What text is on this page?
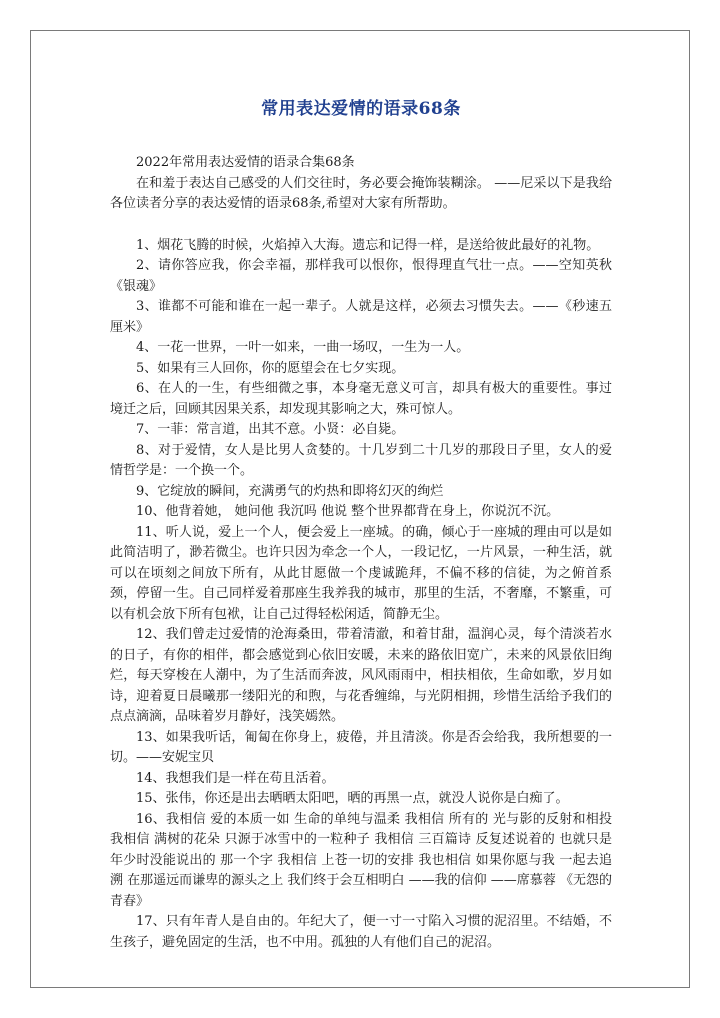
常用表达爱情的语录68条

2022年常用表达爱情的语录合集68条

在和羞于表达自己感受的人们交往时，务必要会掩饰装糊涂。 ——尼采以下是我给各位读者分享的表达爱情的语录68条,希望对大家有所帮助。

1、烟花飞腾的时候，火焰掉入大海。遗忘和记得一样，是送给彼此最好的礼物。

2、请你答应我，你会幸福，那样我可以恨你，恨得理直气壮一点。——空知英秋《银魂》

3、谁都不可能和谁在一起一辈子。人就是这样，必须去习惯失去。——《秒速五厘米》

4、一花一世界，一叶一如来，一曲一场叹，一生为一人。

5、如果有三人回你，你的愿望会在七夕实现。

6、在人的一生，有些细微之事，本身毫无意义可言，却具有极大的重要性。事过境迁之后，回顾其因果关系，却发现其影响之大，殊可惊人。

7、一菲：常言道，出其不意。小贤：必自毙。

8、对于爱情，女人是比男人贪婪的。十几岁到二十几岁的那段日子里，女人的爱情哲学是：一个换一个。

9、它绽放的瞬间，充满勇气的灼热和即将幻灭的绚烂

10、他背着她， 她问他 我沉吗 他说 整个世界都背在身上，你说沉不沉。

11、听人说，爱上一个人，便会爱上一座城。的确，倾心于一座城的理由可以是如此简洁明了，渺若微尘。也许只因为牵念一个人，一段记忆，一片风景，一种生活，就可以在顷刻之间放下所有，从此甘愿做一个虔诚跪拜，不偏不移的信徒，为之俯首系颈，停留一生。自己同样爱着那座生我养我的城市，那里的生活，不奢靡，不繁重，可以有机会放下所有包袱，让自己过得轻松闲适，简静无尘。

12、我们曾走过爱情的沧海桑田，带着清澈，和着甘甜，温润心灵，每个清淡若水的日子，有你的相伴，都会感觉到心依旧安暖，未来的路依旧宽广，未来的风景依旧绚烂，每天穿梭在人潮中，为了生活而奔波，风风雨雨中，相扶相依，生命如歌，岁月如诗，迎着夏日晨曦那一缕阳光的和煦，与花香缠绵，与光阴相拥，珍惜生活给予我们的点点滴滴，品味着岁月静好，浅笑嫣然。

13、如果我听话，匍匐在你身上，疲倦，并且清淡。你是否会给我，我所想要的一切。——安妮宝贝

14、我想我们是一样在苟且活着。

15、张伟，你还是出去晒晒太阳吧，晒的再黑一点，就没人说你是白痴了。

16、我相信 爱的本质一如 生命的单纯与温柔 我相信 所有的 光与影的反射和相投 我相信 满树的花朵 只源于冰雪中的一粒种子 我相信 三百篇诗 反复述说着的 也就只是 年少时没能说出的 那一个字 我相信 上苍一切的安排 我也相信 如果你愿与我 一起去追溯 在那遥远而谦卑的源头之上 我们终于会互相明白 ——我的信仰 ——席慕蓉 《无怨的青春》

17、只有年青人是自由的。年纪大了，便一寸一寸陷入习惯的泥沼里。不结婚，不生孩子，避免固定的生活，也不中用。孤独的人有他们自己的泥沼。
